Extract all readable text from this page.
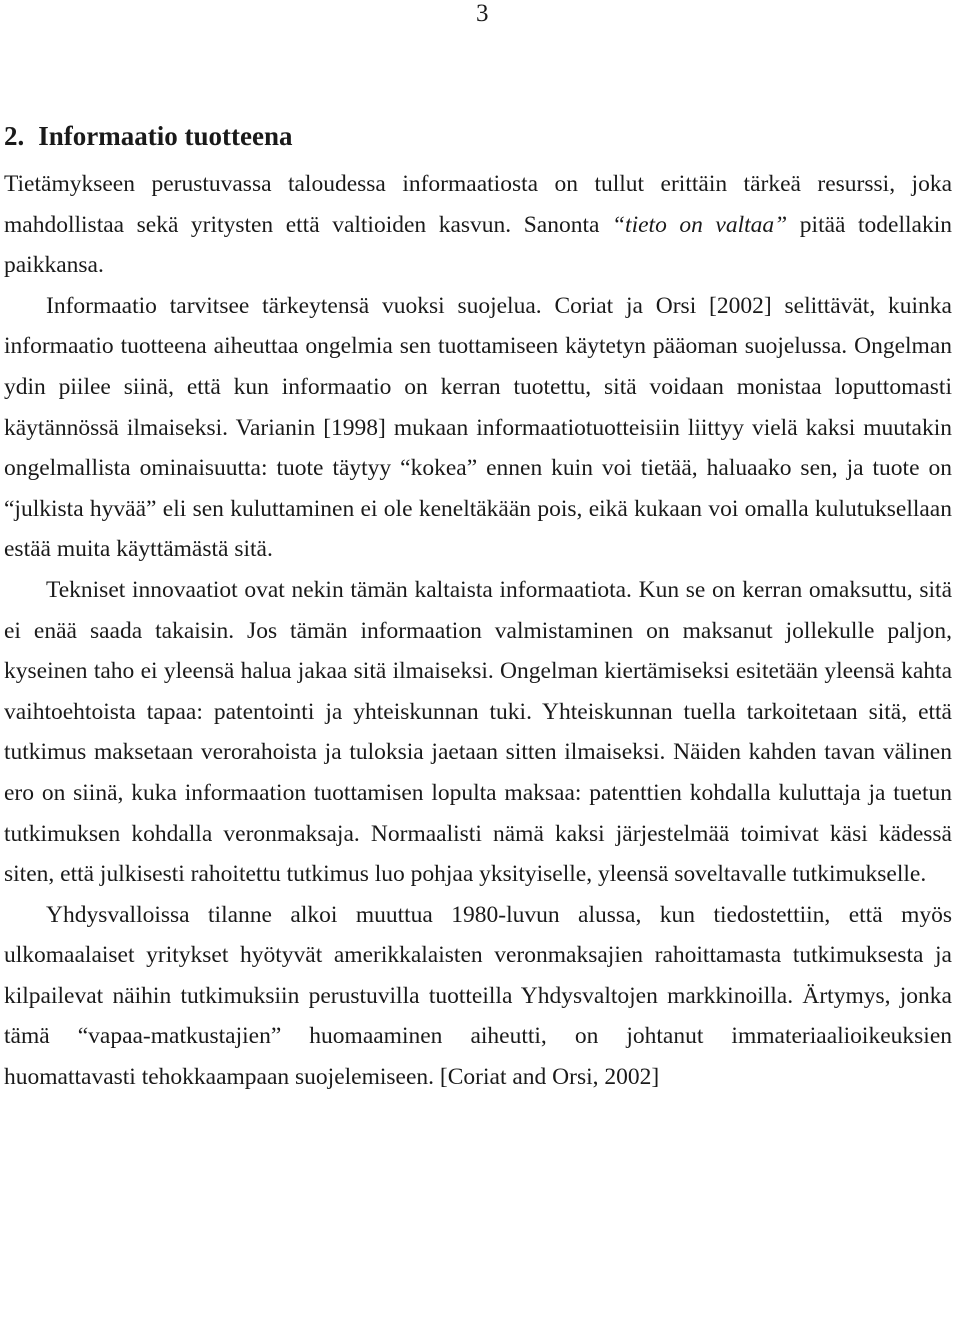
3
2. Informaatio tuotteena

Tietämykseen perustuvassa taloudessa informaatiosta on tullut erittäin tärkeä resurssi, joka mahdollistaa sekä yritysten että valtioiden kasvun. Sanonta “tieto on valtaa” pitää todellakin paikkansa.

Informaatio tarvitsee tärkeytensä vuoksi suojelua. Coriat ja Orsi [2002] selittävät, kuinka informaatio tuotteena aiheuttaa ongelmia sen tuottamiseen käytetyn pääoman suojelussa. Ongelman ydin piilee siinä, että kun informaatio on kerran tuotettu, sitä voidaan monistaa loputtomasti käytännössä ilmaiseksi. Varianin [1998] mukaan informaatiotuotteisiin liittyy vielä kaksi muutakin ongelmallista ominaisuutta: tuote täytyy “kokea” ennen kuin voi tietää, haluaako sen, ja tuote on “julkista hyvää” eli sen kuluttaminen ei ole keneltäkään pois, eikä kukaan voi omalla kulutuksellaan estää muita käyttämästä sitä.

Tekniset innovaatiot ovat nekin tämän kaltaista informaatiota. Kun se on kerran omaksuttu, sitä ei enää saada takaisin. Jos tämän informaation valmistaminen on maksanut jollekulle paljon, kyseinen taho ei yleensä halua jakaa sitä ilmaiseksi. Ongelman kiertämiseksi esitetään yleensä kahta vaihtoehtoista tapaa: patentointi ja yhteiskunnan tuki. Yhteiskunnan tuella tarkoitetaan sitä, että tutkimus maksetaan verorahoista ja tuloksia jaetaan sitten ilmaiseksi. Näiden kahden tavan välinen ero on siinä, kuka informaation tuottamisen lopulta maksaa: patenttien kohdalla kuluttaja ja tuetun tutkimuksen kohdalla veronmaksaja. Normaalisti nämä kaksi järjestelmää toimivat käsi kädessä siten, että julkisesti rahoitettu tutkimus luo pohjaa yksityiselle, yleensä soveltavalle tutkimukselle.

Yhdysvalloissa tilanne alkoi muuttua 1980-luvun alussa, kun tiedostettiin, että myös ulkomaalaiset yritykset hyötyvät amerikkalaisten veronmaksajien rahoittamasta tutkimuksesta ja kilpailevat näihin tutkimuksiin perustuvilla tuotteilla Yhdysvaltojen markkinoilla. Ärtymys, jonka tämä “vapaa-matkustajien” huomaaminen aiheutti, on johtanut immateriaalioikeuksien huomattavasti tehokkaampaan suojelemiseen. [Coriat and Orsi, 2002]
